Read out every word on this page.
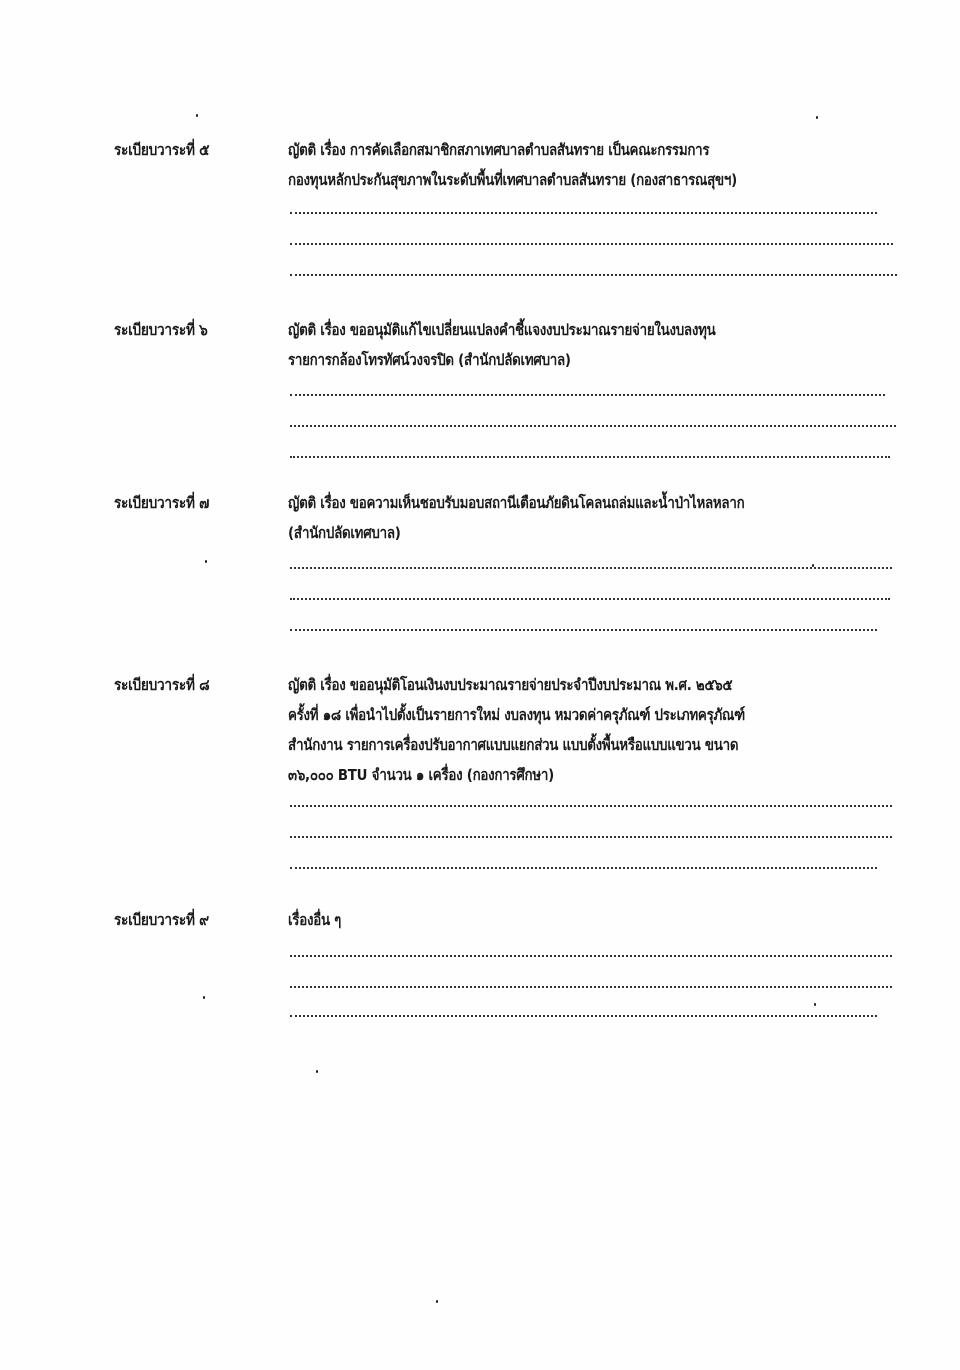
ระเบียบวาระที่ ๕	ญัตติ เรื่อง การคัดเลือกสมาชิกสภาเทศบาลตำบลสันทราย เป็นคณะกรรมการ

กองทุนหลักประกันสุขภาพในระดับพื้นที่เทศบาลตำบลสันทราย (กองสาธารณสุขฯ)

ระเบียบวาระที่ ๖	ญัตติ เรื่อง ขออนุมัติแก้ไขเปลี่ยนแปลงคำชี้แจงงบประมาณรายจ่ายในงบลงทุน

รายการกล้องโทรทัศน์วงจรปิด (สำนักปลัดเทศบาล)

ระเบียบวาระที่ ๗	ญัตติ เรื่อง ขอความเห็นชอบรับมอบสถานีเตือนภัยดินโคลนถล่มและน้ำป่าไหลหลาก

(สำนักปลัดเทศบาล)

ระเบียบวาระที่ ๘	ญัตติ เรื่อง ขออนุมัติโอนเงินงบประมาณรายจ่ายประจำปีงบประมาณ พ.ศ. ๒๕๖๕

ครั้งที่ ๑๘ เพื่อนำไปตั้งเป็นรายการใหม่ งบลงทุน หมวดค่าครุภัณฑ์ ประเภทครุภัณฑ์

สำนักงาน รายการเครื่องปรับอากาศแบบแยกส่วน แบบตั้งพื้นหรือแบบแขวน ขนาด

๓๖,๐๐๐ BTU จำนวน ๑ เครื่อง (กองการศึกษา)

ระเบียบวาระที่ ๙	เรื่องอื่น ๆ
